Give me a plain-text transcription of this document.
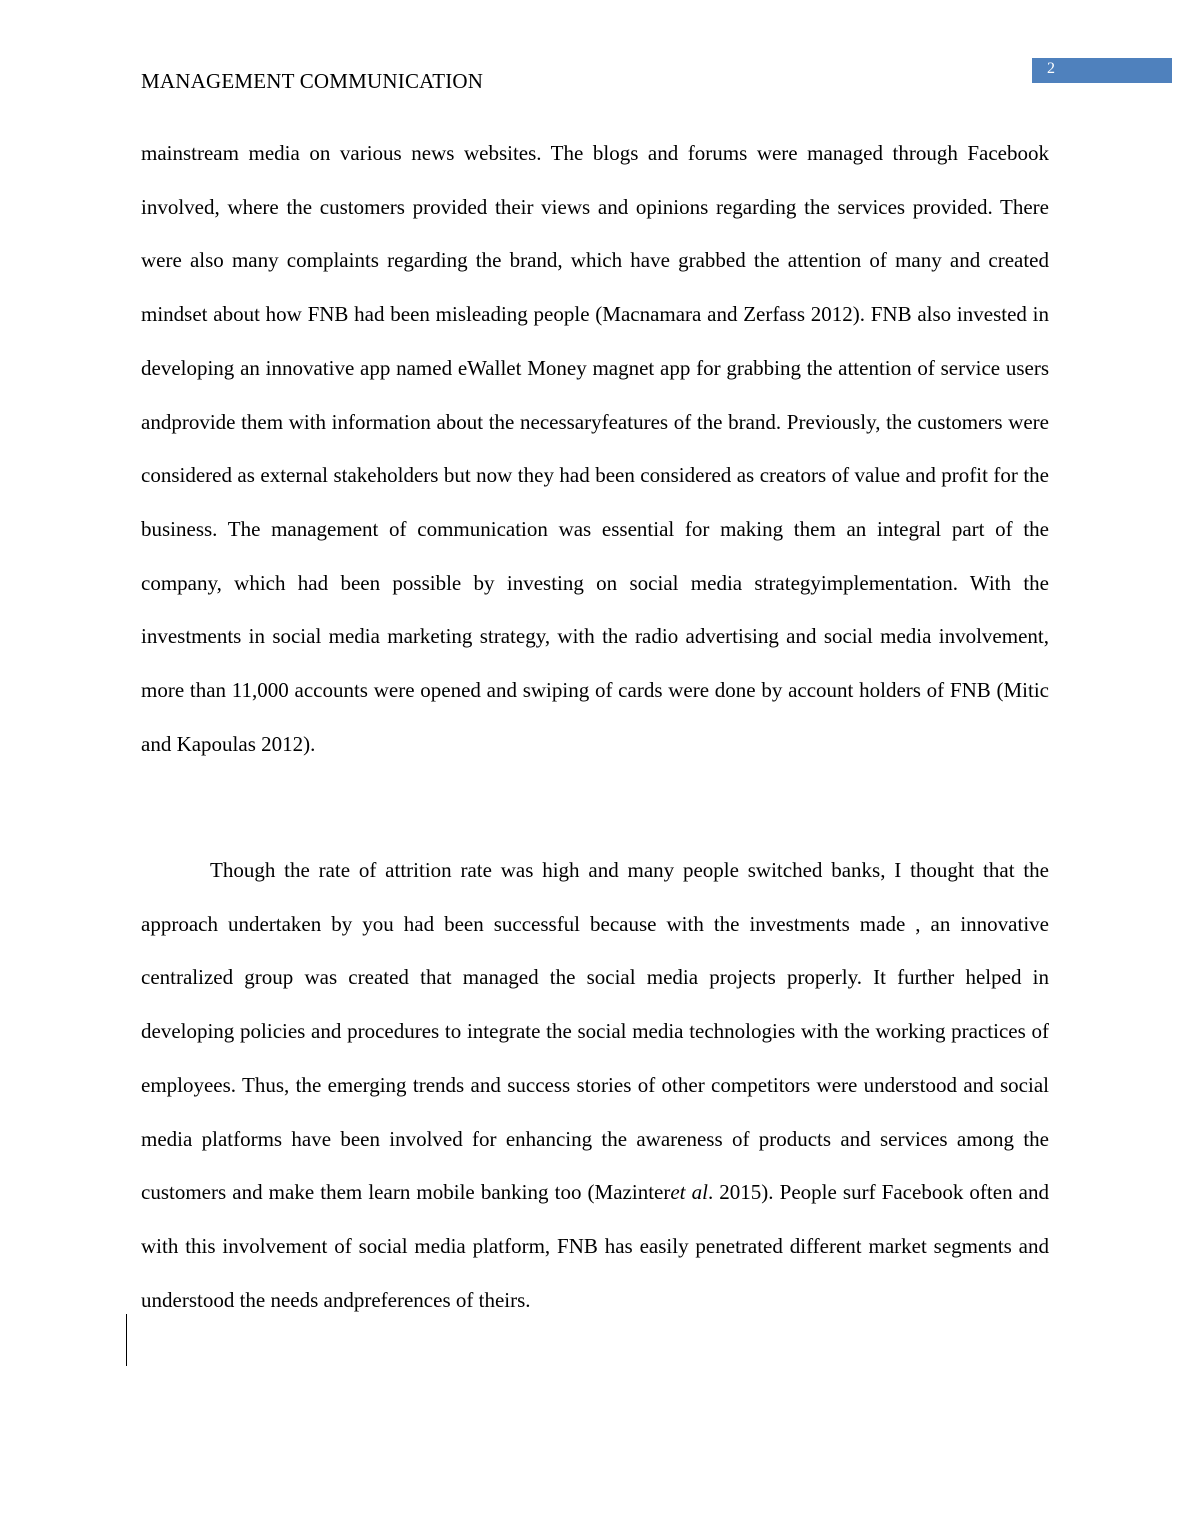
2
MANAGEMENT COMMUNICATION

mainstream media on various news websites. The blogs and forums were managed through Facebook involved, where the customers provided their views and opinions regarding the services provided. There were also many complaints regarding the brand, which have grabbed the attention of many and created mindset about how FNB had been misleading people (Macnamara and Zerfass 2012). FNB also invested in developing an innovative app named eWallet Money magnet app for grabbing the attention of service users andprovide them with information about the necessaryfeatures of the brand. Previously, the customers were considered as external stakeholders but now they had been considered as creators of value and profit for the business. The management of communication was essential for making them an integral part of the company, which had been possible by investing on social media strategyimplementation. With the investments in social media marketing strategy, with the radio advertising and social media involvement, more than 11,000 accounts were opened and swiping of cards were done by account holders of FNB (Mitic and Kapoulas 2012).

Though the rate of attrition rate was high and many people switched banks, I thought that the approach undertaken by you had been successful because with the investments made , an innovative centralized group was created that managed the social media projects properly. It further helped in developing policies and procedures to integrate the social media technologies with the working practices of employees. Thus, the emerging trends and success stories of other competitors were understood and social media platforms have been involved for enhancing the awareness of products and services among the customers and make them learn mobile banking too (Mazinteret al. 2015). People surf Facebook often and with this involvement of social media platform, FNB has easily penetrated different market segments and understood the needs andpreferences of theirs.
